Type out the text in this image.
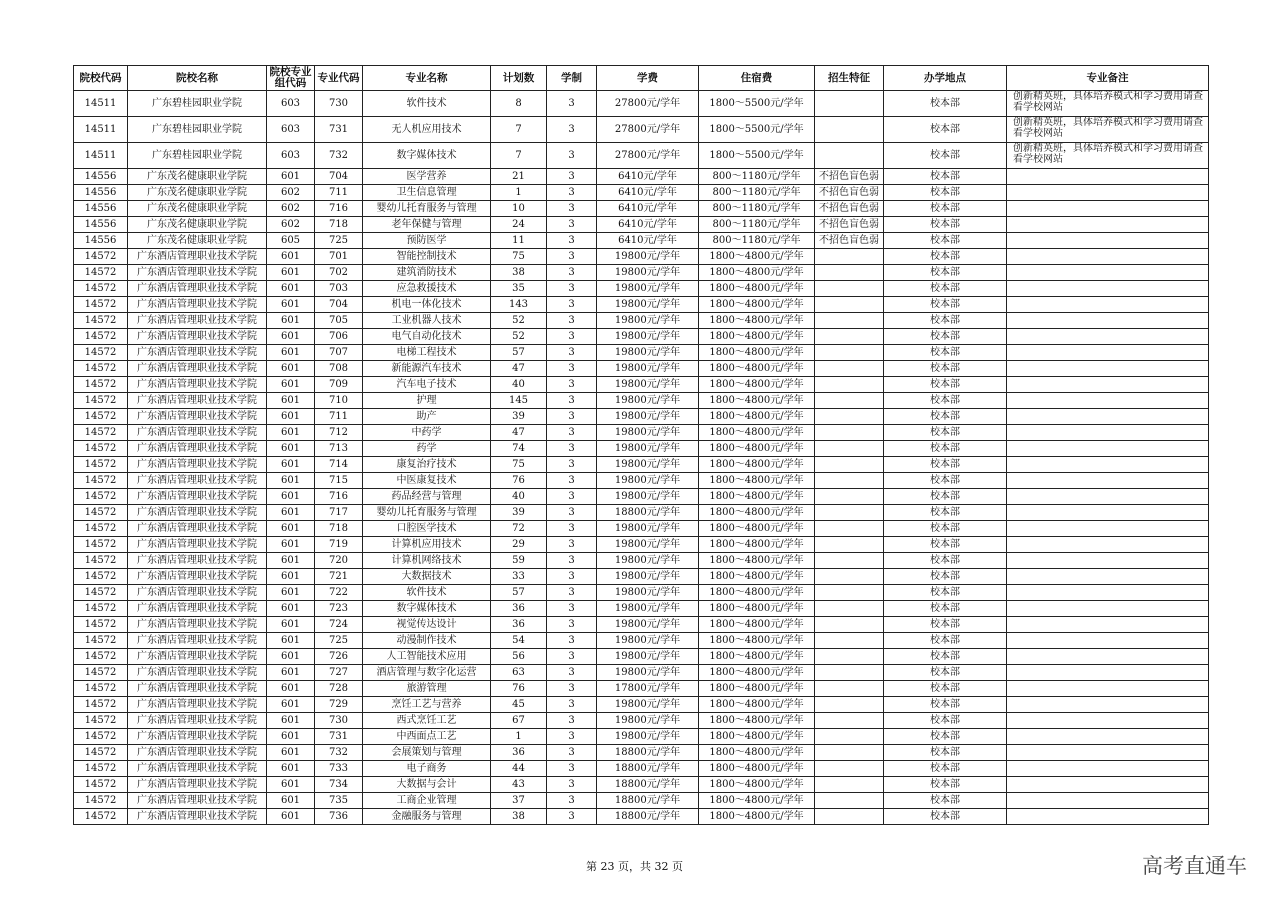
院校代码	院校名称	院校专业组代码	专业代码	专业名称	计划数	学制	学费	住宿费	招生特征	办学地点	专业备注
14511	广东碧桂园职业学院	603	730	软件技术	8	3	27800元/学年	1800～5500元/学年		校本部	创新精英班，具体培养模式和学习费用请查看学校网站
14511	广东碧桂园职业学院	603	731	无人机应用技术	7	3	27800元/学年	1800～5500元/学年		校本部	创新精英班，具体培养模式和学习费用请查看学校网站
14511	广东碧桂园职业学院	603	732	数字媒体技术	7	3	27800元/学年	1800～5500元/学年		校本部	创新精英班，具体培养模式和学习费用请查看学校网站
14556	广东茂名健康职业学院	601	704	医学营养	21	3	6410元/学年	800～1180元/学年	不招色盲色弱	校本部	
14556	广东茂名健康职业学院	602	711	卫生信息管理	1	3	6410元/学年	800～1180元/学年	不招色盲色弱	校本部	
14556	广东茂名健康职业学院	602	716	婴幼儿托育服务与管理	10	3	6410元/学年	800～1180元/学年	不招色盲色弱	校本部	
14556	广东茂名健康职业学院	602	718	老年保健与管理	24	3	6410元/学年	800～1180元/学年	不招色盲色弱	校本部	
14556	广东茂名健康职业学院	605	725	预防医学	11	3	6410元/学年	800～1180元/学年	不招色盲色弱	校本部	
14572	广东酒店管理职业技术学院	601	701	智能控制技术	75	3	19800元/学年	1800～4800元/学年		校本部	
14572	广东酒店管理职业技术学院	601	702	建筑消防技术	38	3	19800元/学年	1800～4800元/学年		校本部	
14572	广东酒店管理职业技术学院	601	703	应急救援技术	35	3	19800元/学年	1800～4800元/学年		校本部	
14572	广东酒店管理职业技术学院	601	704	机电一体化技术	143	3	19800元/学年	1800～4800元/学年		校本部	
14572	广东酒店管理职业技术学院	601	705	工业机器人技术	52	3	19800元/学年	1800～4800元/学年		校本部	
14572	广东酒店管理职业技术学院	601	706	电气自动化技术	52	3	19800元/学年	1800～4800元/学年		校本部	
14572	广东酒店管理职业技术学院	601	707	电梯工程技术	57	3	19800元/学年	1800～4800元/学年		校本部	
14572	广东酒店管理职业技术学院	601	708	新能源汽车技术	47	3	19800元/学年	1800～4800元/学年		校本部	
14572	广东酒店管理职业技术学院	601	709	汽车电子技术	40	3	19800元/学年	1800～4800元/学年		校本部	
14572	广东酒店管理职业技术学院	601	710	护理	145	3	19800元/学年	1800～4800元/学年		校本部	
14572	广东酒店管理职业技术学院	601	711	助产	39	3	19800元/学年	1800～4800元/学年		校本部	
14572	广东酒店管理职业技术学院	601	712	中药学	47	3	19800元/学年	1800～4800元/学年		校本部	
14572	广东酒店管理职业技术学院	601	713	药学	74	3	19800元/学年	1800～4800元/学年		校本部	
14572	广东酒店管理职业技术学院	601	714	康复治疗技术	75	3	19800元/学年	1800～4800元/学年		校本部	
14572	广东酒店管理职业技术学院	601	715	中医康复技术	76	3	19800元/学年	1800～4800元/学年		校本部	
14572	广东酒店管理职业技术学院	601	716	药品经营与管理	40	3	19800元/学年	1800～4800元/学年		校本部	
14572	广东酒店管理职业技术学院	601	717	婴幼儿托育服务与管理	39	3	18800元/学年	1800～4800元/学年		校本部	
14572	广东酒店管理职业技术学院	601	718	口腔医学技术	72	3	19800元/学年	1800～4800元/学年		校本部	
14572	广东酒店管理职业技术学院	601	719	计算机应用技术	29	3	19800元/学年	1800～4800元/学年		校本部	
14572	广东酒店管理职业技术学院	601	720	计算机网络技术	59	3	19800元/学年	1800～4800元/学年		校本部	
14572	广东酒店管理职业技术学院	601	721	大数据技术	33	3	19800元/学年	1800～4800元/学年		校本部	
14572	广东酒店管理职业技术学院	601	722	软件技术	57	3	19800元/学年	1800～4800元/学年		校本部	
14572	广东酒店管理职业技术学院	601	723	数字媒体技术	36	3	19800元/学年	1800～4800元/学年		校本部	
14572	广东酒店管理职业技术学院	601	724	视觉传达设计	36	3	19800元/学年	1800～4800元/学年		校本部	
14572	广东酒店管理职业技术学院	601	725	动漫制作技术	54	3	19800元/学年	1800～4800元/学年		校本部	
14572	广东酒店管理职业技术学院	601	726	人工智能技术应用	56	3	19800元/学年	1800～4800元/学年		校本部	
14572	广东酒店管理职业技术学院	601	727	酒店管理与数字化运营	63	3	19800元/学年	1800～4800元/学年		校本部	
14572	广东酒店管理职业技术学院	601	728	旅游管理	76	3	17800元/学年	1800～4800元/学年		校本部	
14572	广东酒店管理职业技术学院	601	729	烹饪工艺与营养	45	3	19800元/学年	1800～4800元/学年		校本部	
14572	广东酒店管理职业技术学院	601	730	西式烹饪工艺	67	3	19800元/学年	1800～4800元/学年		校本部	
14572	广东酒店管理职业技术学院	601	731	中西面点工艺	1	3	19800元/学年	1800～4800元/学年		校本部	
14572	广东酒店管理职业技术学院	601	732	会展策划与管理	36	3	18800元/学年	1800～4800元/学年		校本部	
14572	广东酒店管理职业技术学院	601	733	电子商务	44	3	18800元/学年	1800～4800元/学年		校本部	
14572	广东酒店管理职业技术学院	601	734	大数据与会计	43	3	18800元/学年	1800～4800元/学年		校本部	
14572	广东酒店管理职业技术学院	601	735	工商企业管理	37	3	18800元/学年	1800～4800元/学年		校本部	
14572	广东酒店管理职业技术学院	601	736	金融服务与管理	38	3	18800元/学年	1800～4800元/学年		校本部	
第 23 页，共 32 页	高考直通车
